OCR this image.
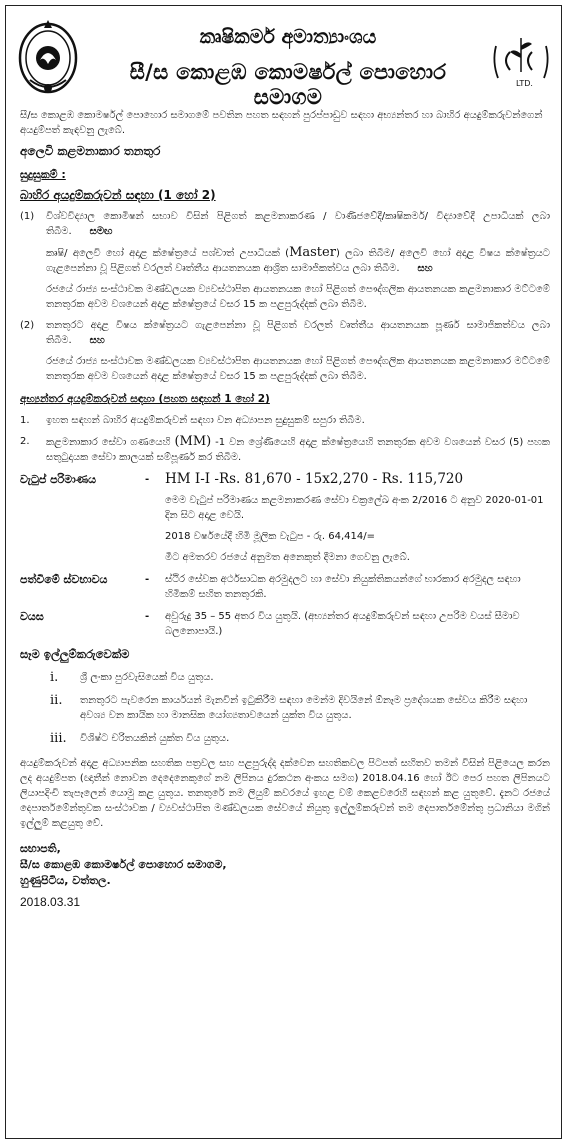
කෘෂිකර්ම අමාත්‍යාංශය
සී/ස කොළඹ කොමර්ෂල් පොහොර සමාගම
LTD.

සී/ස කොළඹ කොමර්ෂල් පොහොර සමාගමේ පවතින පහත සඳහන් පුරප්පාඩුව සඳහා අභ්‍යන්තර හා බාහිර අයදුම්කරුවන්ගෙන් අයදුම්පත් කැඳවනු ලැබේ.

අලෙවි කළමනාකාර තනතුර
සුදුසුකම් :
බාහිර අයදුම්කරුවන් සඳහා (1 හෝ 2)
(1)	විශ්වවිද්‍යාල කොමිෂන් සභාව විසින් පිළිගත් කළමනාකරණ / වාණිජවේදී/කෘෂිකර්ම/ විද්‍යාවේදී උපාධියක් ලබා තිබීම. සමඟ
කෘෂි/ අලෙවි හෝ අදාළ ක්ෂේත්‍රයේ පශ්චාත් උපාධියක් (Master) ලබා තිබීම/ අලෙවි හෝ අදාළ විෂය ක්ෂේත්‍රයට ගැළපෙන්නා වූ පිළිගත් වරලත් වෘත්තීය ආයතනයක ආශ්‍රිත සාමාජිකත්වය ලබා තිබීම. සහ
රජයේ රාජ්‍ය සංස්ථාවක මණ්ඩලයක ව්‍යවස්ථාපිත ආයතනයක හෝ පිළිගත් පෞද්ගලික ආයතනයක කළමනාකාර මට්ටමේ තනතුරක අවම වශයෙන් අදාළ ක්ෂේත්‍රයේ වසර 15 ක පළපුරුද්දක් ලබා තිබීම.
(2)	තනතුරට අදාළ විෂය ක්ෂේත්‍රයට ගැළපෙන්නා වූ පිළිගත් වරලත් වෘත්තීය ආයතනයක පූර්ණ සාමාජිකත්වය ලබා තිබීම. සහ
රජයේ රාජ්‍ය සංස්ථාවක මණ්ඩලයක ව්‍යවස්ථාපිත ආයතනයක හෝ පිළිගත් පෞද්ගලික ආයතනයක කළමනාකාර මට්ටමේ තනතුරක අවම වශයෙන් අදාළ ක්ෂේත්‍රයේ වසර 15 ක පළපුරුද්දක් ලබා තිබීම.
අභ්‍යන්තර අයදුම්කරුවන් සඳහා (පහත සඳහන් 1 හෝ 2)
1.	ඉහත සඳහන් බාහිර අයදුම්කරුවන් සඳහා වන අධ්‍යාපන සුදුසුකම් සපුරා තිබීම.
2.	කළමනාකාර සේවා ගණයෙහි (MM) -1 වන ශ්‍රේණියෙහි අදාළ ක්ෂේත්‍රයෙහි තනතුරක අවම වශයෙන් වසර (5) පහක සතුටුදායක සේවා කාලයක් සම්පූර්ණ කර තිබීම.
වැටුප් පරිමාණය	-	HM I-I -Rs. 81,670 - 15x2,270 - Rs. 115,720
මෙම වැටුප් පරිමාණය කළමනාකරණ සේවා චක්‍රලේඛ අංක 2/2016 ට අනුව 2020-01-01 දින සිට අදාළ වෙයි.
2018 වර්ෂයේදී හිමි මූලික වැටුප - රු. 64,414/=
මීට අමතරව රජයේ අනුමත අනෙකුත් දීමනා ගෙවනු ලැබේ.
පත්වීමේ ස්වභාවය	-	ස්ථිර සේවක අර්ථසාධක අරමුදලට හා සේවා නියුක්තිකයන්ගේ භාරකාර අරමුදල සඳහා හිමිකම් සහිත තනතුරකි.
වයස	-	අවුරුදු 35 – 55 අතර විය යුතුයි. (අභ්‍යන්තර අයදුම්කරුවන් සඳහා උපරිම වයස් සීමාව බලනොපායි.)
සෑම ඉල්ලුම්කරුවෙක්ම
i.	ශ්‍රී ලංකා පුරවැසියෙක් විය යුතුය.
ii.	තනතුරට පැවරෙන කාර්යයන් මැනවින් ඉටුකිරීම සඳහා මෙන්ම දිවයිනේ ඕනෑම ප්‍රදේශයක සේවය කිරීම සඳහා අවශ්‍ය වන කායික හා මානසික යෝග්‍යතාවයෙන් යුක්ත විය යුතුය.
iii.	විශිෂ්ට චරිතයකින් යුක්ත විය යුතුය.

අයදුම්කරුවන් අදාළ අධ්‍යාපනික සහතික පත්‍රවල සහ පළපුරුද්ද දක්වෙන සහතිකවල පිටපත් සහිතව තමන් විසින් පිළියෙල කරන ලද අයදුම්පත (ඥාතීන් නොවන දෙදෙනෙකුගේ නම ලිපිනය දුරකථන අංකය සමග) 2018.04.16 හෝ ඊට පෙර පහත ලිපිනයට ලියාපදිංචි තැපෑලෙන් යොමු කළ යුතුය. තනතුරේ නම ලියුම් කවරයේ ඉහළ වම් කෙළවරෙහි සඳහන් කළ යුතුවේ. දැනට රජයේ දෙපාර්තමේන්තුවක සංස්ථාවක / ව්‍යවස්ථාපිත මණ්ඩලයක සේවයේ නියුතු ඉල්ලුම්කරුවන් තම දෙපාර්තමේන්තු ප්‍රධානියා මගින් ඉල්ලුම් කළයුතු වේ.

සභාපති,
සී/ස කොළඹ කොමර්ෂල් පොහොර සමාගම,
හුණුපිටිය, වත්තල.
2018.03.31
